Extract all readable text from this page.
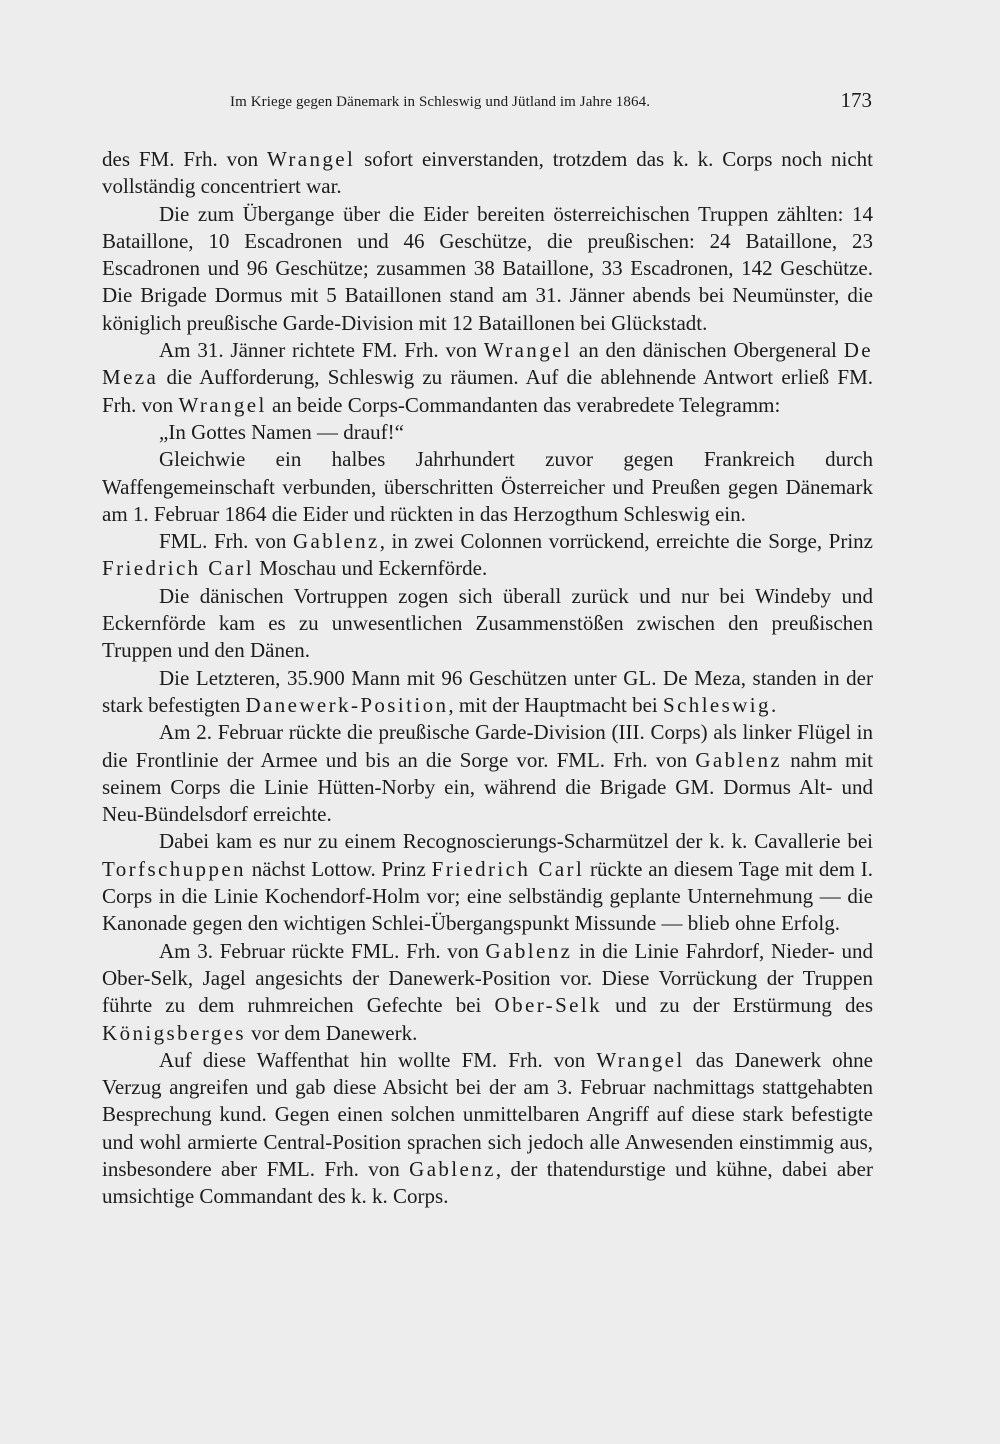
Im Kriege gegen Dänemark in Schleswig und Jütland im Jahre 1864.	173

des FM. Frh. von Wrangel sofort einverstanden, trotzdem das k. k. Corps noch nicht vollständig concentriert war.

Die zum Übergange über die Eider bereiten österreichischen Truppen zählten: 14 Bataillone, 10 Escadronen und 46 Geschütze, die preußischen: 24 Bataillone, 23 Escadronen und 96 Geschütze; zusammen 38 Bataillone, 33 Escadronen, 142 Geschütze. Die Brigade Dormus mit 5 Bataillonen stand am 31. Jänner abends bei Neumünster, die königlich preußische Garde-Division mit 12 Bataillonen bei Glückstadt.

Am 31. Jänner richtete FM. Frh. von Wrangel an den dänischen Obergeneral De Meza die Aufforderung, Schleswig zu räumen. Auf die ablehnende Antwort erließ FM. Frh. von Wrangel an beide Corps-Commandanten das verabredete Telegramm:

„In Gottes Namen — drauf!“

Gleichwie ein halbes Jahrhundert zuvor gegen Frankreich durch Waffengemeinschaft verbunden, überschritten Österreicher und Preußen gegen Dänemark am 1. Februar 1864 die Eider und rückten in das Herzogthum Schleswig ein.

FML. Frh. von Gablenz, in zwei Colonnen vorrückend, erreichte die Sorge, Prinz Friedrich Carl Moschau und Eckernförde.

Die dänischen Vortruppen zogen sich überall zurück und nur bei Windeby und Eckernförde kam es zu unwesentlichen Zusammenstößen zwischen den preußischen Truppen und den Dänen.

Die Letzteren, 35.900 Mann mit 96 Geschützen unter GL. De Meza, standen in der stark befestigten Danewerk-Position, mit der Hauptmacht bei Schleswig.

Am 2. Februar rückte die preußische Garde-Division (III. Corps) als linker Flügel in die Frontlinie der Armee und bis an die Sorge vor. FML. Frh. von Gablenz nahm mit seinem Corps die Linie Hütten-Norby ein, während die Brigade GM. Dormus Alt- und Neu-Bündelsdorf erreichte.

Dabei kam es nur zu einem Recognoscierungs-Scharmützel der k. k. Cavallerie bei Torfschuppen nächst Lottow. Prinz Friedrich Carl rückte an diesem Tage mit dem I. Corps in die Linie Kochendorf-Holm vor; eine selbständig geplante Unternehmung — die Kanonade gegen den wichtigen Schlei-Übergangspunkt Missunde — blieb ohne Erfolg.

Am 3. Februar rückte FML. Frh. von Gablenz in die Linie Fahrdorf, Nieder- und Ober-Selk, Jagel angesichts der Danewerk-Position vor. Diese Vorrückung der Truppen führte zu dem ruhmreichen Gefechte bei Ober-Selk und zu der Erstürmung des Königsberges vor dem Danewerk.

Auf diese Waffenthat hin wollte FM. Frh. von Wrangel das Danewerk ohne Verzug angreifen und gab diese Absicht bei der am 3. Februar nachmittags stattgehabten Besprechung kund. Gegen einen solchen unmittelbaren Angriff auf diese stark befestigte und wohl armierte Central-Position sprachen sich jedoch alle Anwesenden einstimmig aus, insbesondere aber FML. Frh. von Gablenz, der thatendurstige und kühne, dabei aber umsichtige Commandant des k. k. Corps.
